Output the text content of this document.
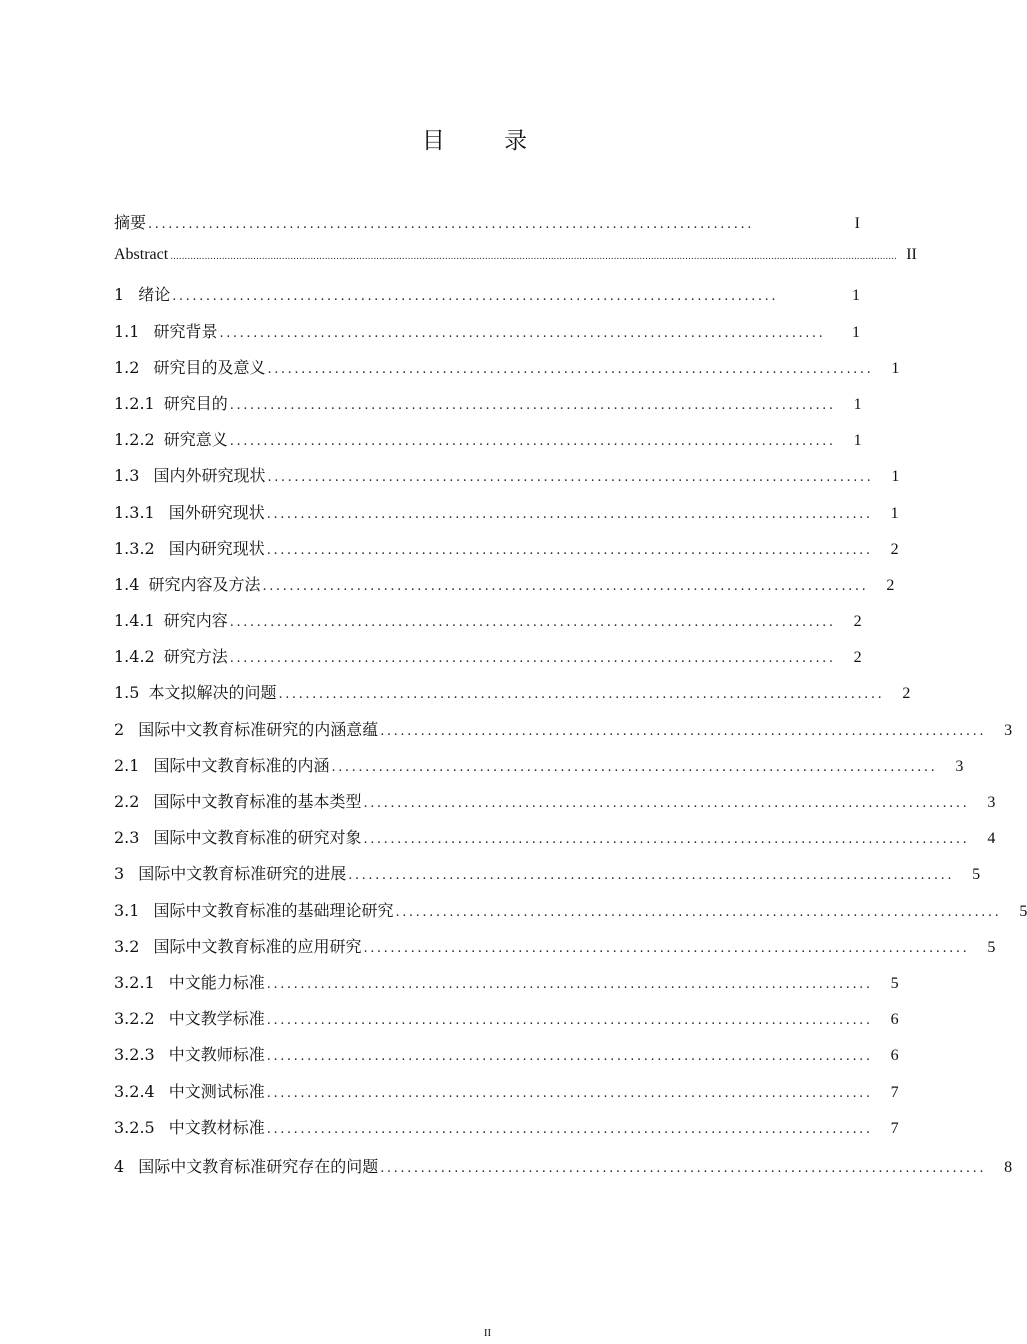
目 录
摘要 ..........................................................................................	I
Abstract .............................................................................................................................................................................................................................................................. II
1 绪论 ..........................................................................................	1
1.1 研究背景 ..........................................................................................	1
1.2 研究目的及意义 ..........................................................................................	1
1.2.1 研究目的 ..........................................................................................	1
1.2.2 研究意义 ..........................................................................................	1
1.3 国内外研究现状 ..........................................................................................	1
1.3.1 国外研究现状 ..........................................................................................	1
1.3.2 国内研究现状 ..........................................................................................	2
1.4 研究内容及方法 ..........................................................................................	2
1.4.1 研究内容 ..........................................................................................	2
1.4.2 研究方法 ..........................................................................................	2
1.5 本文拟解决的问题 ..........................................................................................	2
2 国际中文教育标准研究的内涵意蕴 ..........................................................................................	3
2.1 国际中文教育标准的内涵 ..........................................................................................	3
2.2 国际中文教育标准的基本类型 ..........................................................................................	3
2.3 国际中文教育标准的研究对象 ..........................................................................................	4
3 国际中文教育标准研究的进展 ..........................................................................................	5
3.1 国际中文教育标准的基础理论研究 ..........................................................................................	5
3.2 国际中文教育标准的应用研究 ..........................................................................................	5
3.2.1 中文能力标准 ..........................................................................................	5
3.2.2 中文教学标准 ..........................................................................................	6
3.2.3 中文教师标准 ..........................................................................................	6
3.2.4 中文测试标准 ..........................................................................................	7
3.2.5 中文教材标准 ..........................................................................................	7
4 国际中文教育标准研究存在的问题 ..........................................................................................	8
II
